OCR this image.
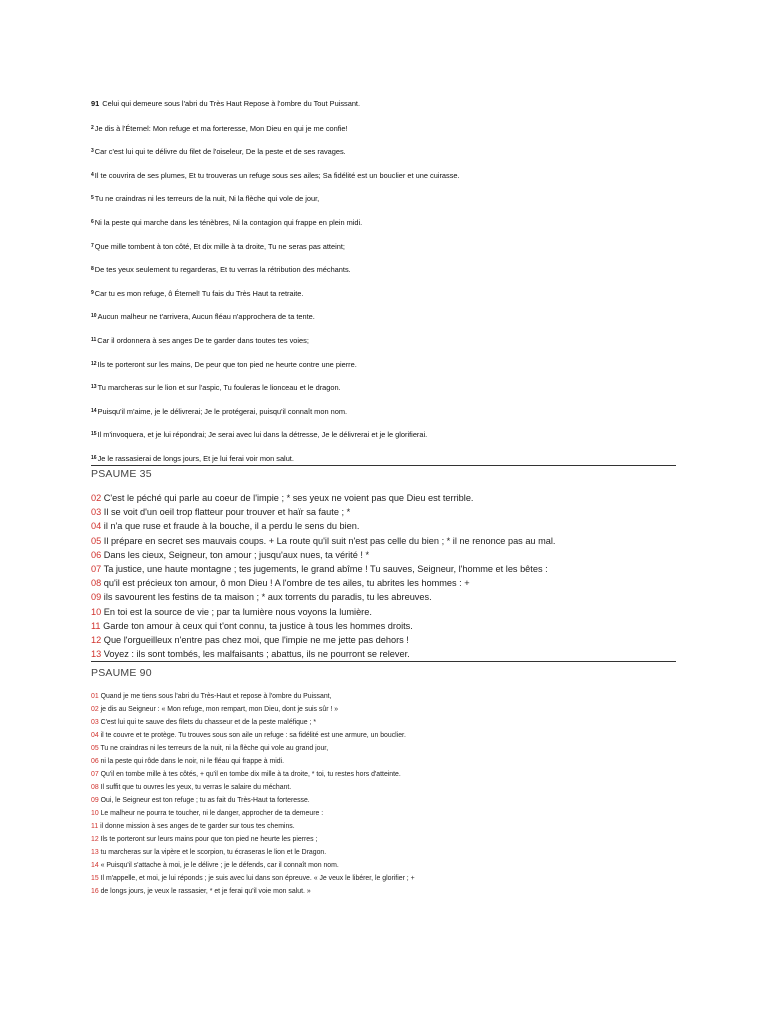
91 Celui qui demeure sous l'abri du Très Haut Repose à l'ombre du Tout Puissant.
$^2$Je dis à l'Éternel: Mon refuge et ma forteresse, Mon Dieu en qui je me confie!
$^3$Car c'est lui qui te délivre du filet de l'oiseleur, De la peste et de ses ravages.
$^4$Il te couvrira de ses plumes, Et tu trouveras un refuge sous ses ailes; Sa fidélité est un bouclier et une cuirasse.
$^5$Tu ne craindras ni les terreurs de la nuit, Ni la flèche qui vole de jour,
$^6$Ni la peste qui marche dans les ténèbres, Ni la contagion qui frappe en plein midi.
$^7$Que mille tombent à ton côté, Et dix mille à ta droite, Tu ne seras pas atteint;
$^8$De tes yeux seulement tu regarderas, Et tu verras la rétribution des méchants.
$^9$Car tu es mon refuge, ô Éternel! Tu fais du Très Haut ta retraite.
$^{10}$Aucun malheur ne t'arrivera, Aucun fléau n'approchera de ta tente.
$^{11}$Car il ordonnera à ses anges De te garder dans toutes tes voies;
$^{12}$Ils te porteront sur les mains, De peur que ton pied ne heurte contre une pierre.
$^{13}$Tu marcheras sur le lion et sur l'aspic, Tu fouleras le lionceau et le dragon.
$^{14}$Puisqu'il m'aime, je le délivrerai; Je le protégerai, puisqu'il connaît mon nom.
$^{15}$Il m'invoquera, et je lui répondrai; Je serai avec lui dans la détresse, Je le délivrerai et je le glorifierai.
$^{16}$Je le rassasierai de longs jours, Et je lui ferai voir mon salut.
PSAUME 35
02 C'est le péché qui parle au coeur de l'impie ; * ses yeux ne voient pas que Dieu est terrible.
03 Il se voit d'un oeil trop flatteur pour trouver et haïr sa faute ; *
04 il n'a que ruse et fraude à la bouche, il a perdu le sens du bien.
05 Il prépare en secret ses mauvais coups. + La route qu'il suit n'est pas celle du bien ; * il ne renonce pas au mal.
06 Dans les cieux, Seigneur, ton amour ; jusqu'aux nues, ta vérité ! *
07 Ta justice, une haute montagne ; tes jugements, le grand abîme ! Tu sauves, Seigneur, l'homme et les bêtes :
08 qu'il est précieux ton amour, ô mon Dieu ! A l'ombre de tes ailes, tu abrites les hommes : +
09 ils savourent les festins de ta maison ; * aux torrents du paradis, tu les abreuves.
10 En toi est la source de vie ; par ta lumière nous voyons la lumière.
11 Garde ton amour à ceux qui t'ont connu, ta justice à tous les hommes droits.
12 Que l'orgueilleux n'entre pas chez moi, que l'impie ne me jette pas dehors !
13 Voyez : ils sont tombés, les malfaisants ; abattus, ils ne pourront se relever.
PSAUME 90
01 Quand je me tiens sous l'abri du Très-Haut et repose à l'ombre du Puissant,
02 je dis au Seigneur : « Mon refuge, mon rempart, mon Dieu, dont je suis sûr ! »
03 C'est lui qui te sauve des filets du chasseur et de la peste maléfique ; *
04 il te couvre et te protège. Tu trouves sous son aile un refuge : sa fidélité est une armure, un bouclier.
05 Tu ne craindras ni les terreurs de la nuit, ni la flèche qui vole au grand jour,
06 ni la peste qui rôde dans le noir, ni le fléau qui frappe à midi.
07 Qu'il en tombe mille à tes côtés, + qu'il en tombe dix mille à ta droite, * toi, tu restes hors d'atteinte.
08 Il suffit que tu ouvres les yeux, tu verras le salaire du méchant.
09 Oui, le Seigneur est ton refuge ; tu as fait du Très-Haut ta forteresse.
10 Le malheur ne pourra te toucher, ni le danger, approcher de ta demeure :
11 il donne mission à ses anges de te garder sur tous tes chemins.
12 Ils te porteront sur leurs mains pour que ton pied ne heurte les pierres ;
13 tu marcheras sur la vipère et le scorpion, tu écraseras le lion et le Dragon.
14 « Puisqu'il s'attache à moi, je le délivre ; je le défends, car il connaît mon nom.
15 Il m'appelle, et moi, je lui réponds ; je suis avec lui dans son épreuve. « Je veux le libérer, le glorifier ; +
16 de longs jours, je veux le rassasier, * et je ferai qu'il voie mon salut. »
